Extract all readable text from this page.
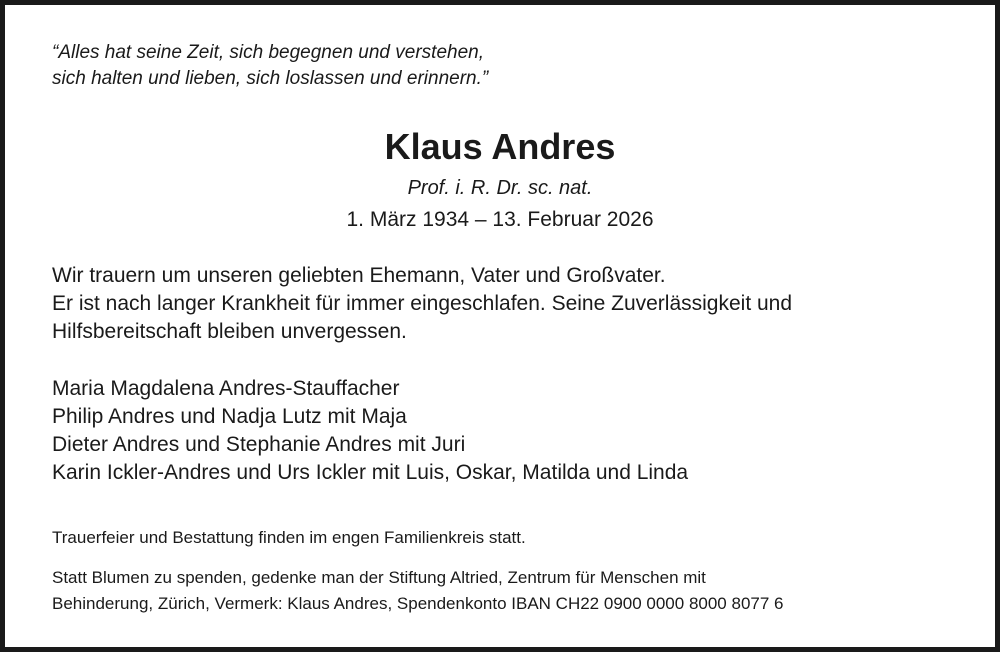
“Alles hat seine Zeit, sich begegnen und verstehen,
sich halten und lieben, sich loslassen und erinnern.”
Klaus Andres
Prof. i. R. Dr. sc. nat.
1. März 1934 – 13. Februar 2026
Wir trauern um unseren geliebten Ehemann, Vater und Großvater.
Er ist nach langer Krankheit für immer eingeschlafen. Seine Zuverlässigkeit und
Hilfsbereitschaft bleiben unvergessen.
Maria Magdalena Andres-Stauffacher
Philip Andres und Nadja Lutz mit Maja
Dieter Andres und Stephanie Andres mit Juri
Karin Ickler-Andres und Urs Ickler mit Luis, Oskar, Matilda und Linda

Trauerfeier und Bestattung finden im engen Familienkreis statt.

Statt Blumen zu spenden, gedenke man der Stiftung Altried, Zentrum für Menschen mit
Behinderung, Zürich, Vermerk: Klaus Andres, Spendenkonto IBAN CH22 0900 0000 8000 8077 6
